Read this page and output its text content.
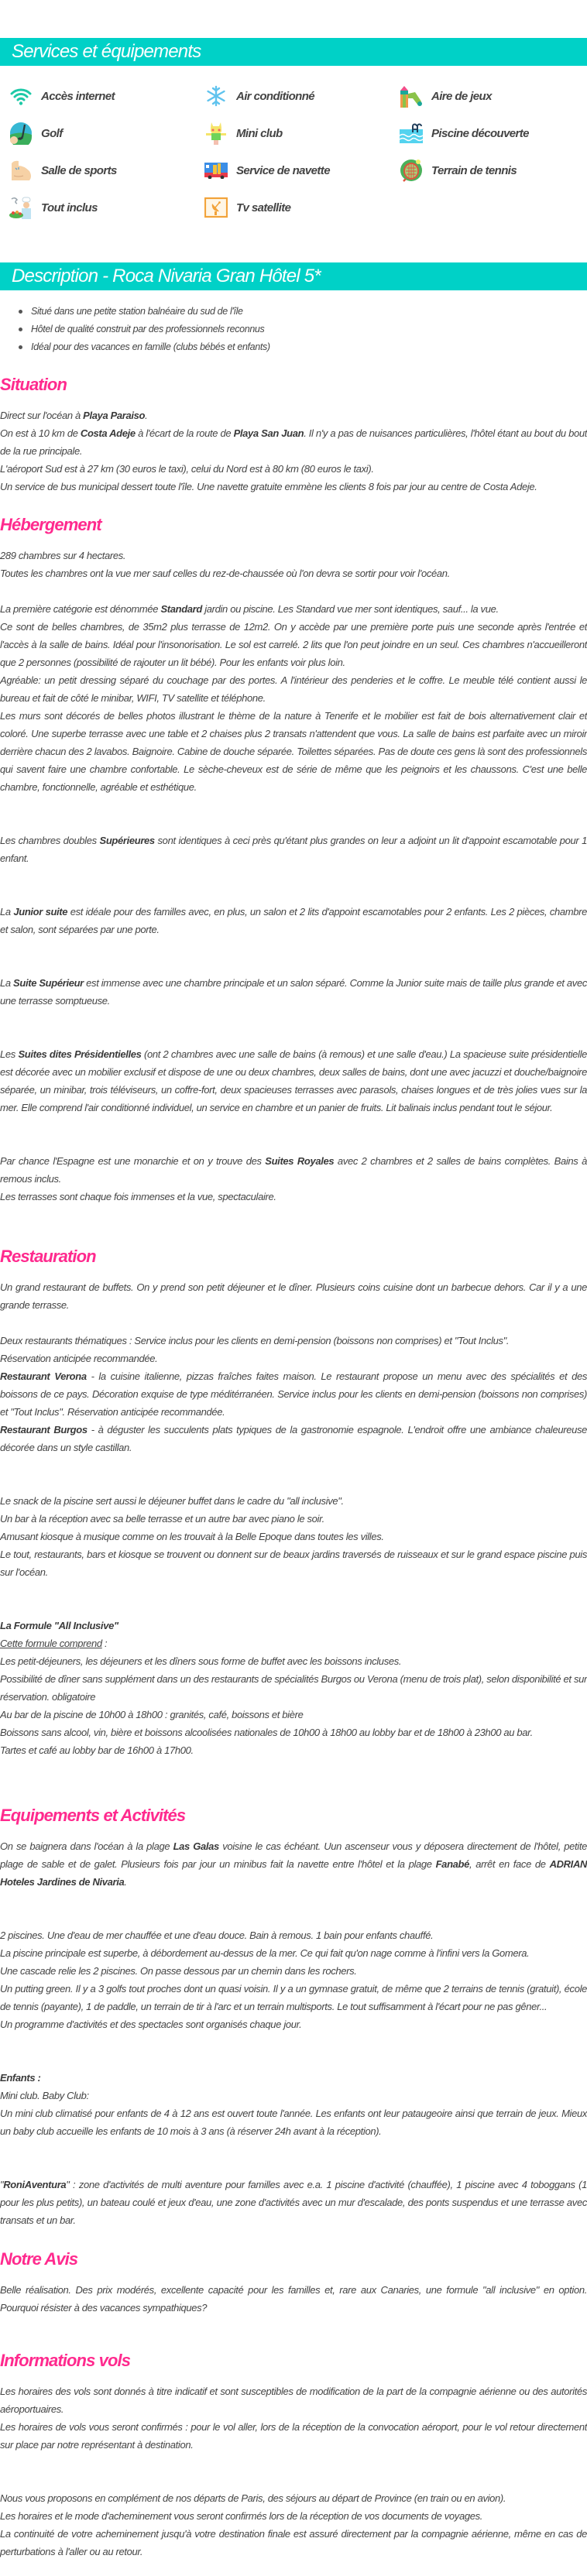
Services et équipements
Accès internet	Air conditionné	Aire de jeux
Golf	Mini club	Piscine découverte
Salle de sports	Service de navette	Terrain de tennis
Tout inclus	Tv satellite
Description - Roca Nivaria Gran Hôtel 5*
Situé dans une petite station balnéaire du sud de l'île
Hôtel de qualité construit par des professionnels reconnus
Idéal pour des vacances en famille (clubs bébés et enfants)
Situation

Direct sur l'océan à Playa Paraiso.

On est à 10 km de Costa Adeje à l'écart de la route de Playa San Juan. Il n'y a pas de nuisances particulières, l'hôtel étant au bout du bout de la rue principale.

L'aéroport Sud est à 27 km (30 euros le taxi), celui du Nord est à 80 km (80 euros le taxi).

Un service de bus municipal dessert toute l'île. Une navette gratuite emmène les clients 8 fois par jour au centre de Costa Adeje.

Hébergement

289 chambres sur 4 hectares.

Toutes les chambres ont la vue mer sauf celles du rez-de-chaussée où l'on devra se sortir pour voir l'océan.

La première catégorie est dénommée Standard jardin ou piscine. Les Standard vue mer sont identiques, sauf... la vue.

Ce sont de belles chambres, de 35m2 plus terrasse de 12m2. On y accède par une première porte puis une seconde après l'entrée et l'accès à la salle de bains. Idéal pour l'insonorisation. Le sol est carrelé. 2 lits que l'on peut joindre en un seul. Ces chambres n'accueilleront que 2 personnes (possibilité de rajouter un lit bébé). Pour les enfants voir plus loin.

Agréable: un petit dressing séparé du couchage par des portes. A l'intérieur des penderies et le coffre. Le meuble télé contient aussi le bureau et fait de côté le minibar, WIFI, TV satellite et téléphone.

Les murs sont décorés de belles photos illustrant le thème de la nature à Tenerife et le mobilier est fait de bois alternativement clair et coloré. Une superbe terrasse avec une table et 2 chaises plus 2 transats n'attendent que vous. La salle de bains est parfaite avec un miroir derrière chacun des 2 lavabos. Baignoire. Cabine de douche séparée. Toilettes séparées. Pas de doute ces gens là sont des professionnels qui savent faire une chambre confortable. Le sèche-cheveux est de série de même que les peignoirs et les chaussons. C'est une belle chambre, fonctionnelle, agréable et esthétique.

Les chambres doubles Supérieures sont identiques à ceci près qu'étant plus grandes on leur a adjoint un lit d'appoint escamotable pour 1 enfant.

La Junior suite est idéale pour des familles avec, en plus, un salon et 2 lits d'appoint escamotables pour 2 enfants. Les 2 pièces, chambre et salon, sont séparées par une porte.

La Suite Supérieur est immense avec une chambre principale et un salon séparé. Comme la Junior suite mais de taille plus grande et avec une terrasse somptueuse.

Les Suites dites Présidentielles (ont 2 chambres avec une salle de bains (à remous) et une salle d'eau.) La spacieuse suite présidentielle est décorée avec un mobilier exclusif et dispose de une ou deux chambres, deux salles de bains, dont une avec jacuzzi et douche/baignoire séparée, un minibar, trois téléviseurs, un coffre-fort, deux spacieuses terrasses avec parasols, chaises longues et de très jolies vues sur la mer. Elle comprend l'air conditionné individuel, un service en chambre et un panier de fruits. Lit balinais inclus pendant tout le séjour.

Par chance l'Espagne est une monarchie et on y trouve des Suites Royales avec 2 chambres et 2 salles de bains complètes. Bains à remous inclus.

Les terrasses sont chaque fois immenses et la vue, spectaculaire.

Restauration

Un grand restaurant de buffets. On y prend son petit déjeuner et le dîner. Plusieurs coins cuisine dont un barbecue dehors. Car il y a une grande terrasse.

Deux restaurants thématiques : Service inclus pour les clients en demi-pension (boissons non comprises) et "Tout Inclus".

Réservation anticipée recommandée.

Restaurant Verona - la cuisine italienne, pizzas fraîches faites maison. Le restaurant propose un menu avec des spécialités et des boissons de ce pays. Décoration exquise de type méditérranéen. Service inclus pour les clients en demi-pension (boissons non comprises) et "Tout Inclus". Réservation anticipée recommandée.

Restaurant Burgos - à déguster les succulents plats typiques de la gastronomie espagnole. L'endroit offre une ambiance chaleureuse décorée dans un style castillan.

Le snack de la piscine sert aussi le déjeuner buffet dans le cadre du "all inclusive".

Un bar à la réception avec sa belle terrasse et un autre bar avec piano le soir.

Amusant kiosque à musique comme on les trouvait à la Belle Epoque dans toutes les villes.

Le tout, restaurants, bars et kiosque se trouvent ou donnent sur de beaux jardins traversés de ruisseaux et sur le grand espace piscine puis sur l'océan.

La Formule "All Inclusive"

Cette formule comprend :

Les petit-déjeuners, les déjeuners et les dîners sous forme de buffet avec les boissons incluses.

Possibilité de dîner sans supplément dans un des restaurants de spécialités Burgos ou Verona (menu de trois plat), selon disponibilité et sur réservation. obligatoire

Au bar de la piscine de 10h00 à 18h00 : granités, café, boissons et bière

Boissons sans alcool, vin, bière et boissons alcoolisées nationales de 10h00 à 18h00 au lobby bar et de 18h00 à 23h00 au bar.

Tartes et café au lobby bar de 16h00 à 17h00.

Equipements et Activités

On se baignera dans l'océan à la plage Las Galas voisine le cas échéant. Uun ascenseur vous y déposera directement de l'hôtel, petite plage de sable et de galet. Plusieurs fois par jour un minibus fait la navette entre l'hôtel et la plage Fanabé, arrêt en face de ADRIAN Hoteles Jardines de Nivaria.

2 piscines. Une d'eau de mer chauffée et une d'eau douce. Bain à remous. 1 bain pour enfants chauffé.

La piscine principale est superbe, à débordement au-dessus de la mer. Ce qui fait qu'on nage comme à l'infini vers la Gomera.

Une cascade relie les 2 piscines. On passe dessous par un chemin dans les rochers.

Un putting green. Il y a 3 golfs tout proches dont un quasi voisin. Il y a un gymnase gratuit, de même que 2 terrains de tennis (gratuit), école de tennis (payante), 1 de paddle, un terrain de tir à l'arc et un terrain multisports. Le tout suffisamment à l'écart pour ne pas gêner...

Un programme d'activités et des spectacles sont organisés chaque jour.

Enfants :

Mini club. Baby Club:

Un mini club climatisé pour enfants de 4 à 12 ans est ouvert toute l'année. Les enfants ont leur pataugeoire ainsi que terrain de jeux. Mieux un baby club accueille les enfants de 10 mois à 3 ans (à réserver 24h avant à la réception).

"RoniAventura" : zone d'activités de multi aventure pour familles avec e.a. 1 piscine d'activité (chauffée), 1 piscine avec 4 toboggans (1 pour les plus petits), un bateau coulé et jeux d'eau, une zone d'activités avec un mur d'escalade, des ponts suspendus et une terrasse avec transats et un bar.

Notre Avis

Belle réalisation. Des prix modérés, excellente capacité pour les familles et, rare aux Canaries, une formule "all inclusive" en option. Pourquoi résister à des vacances sympathiques?

Informations vols

Les horaires des vols sont donnés à titre indicatif et sont susceptibles de modification de la part de la compagnie aérienne ou des autorités aéroportuaires.

Les horaires de vols vous seront confirmés : pour le vol aller, lors de la réception de la convocation aéroport, pour le vol retour directement sur place par notre représentant à destination.

Nous vous proposons en complément de nos départs de Paris, des séjours au départ de Province (en train ou en avion).

Les horaires et le mode d'acheminement vous seront confirmés lors de la réception de vos documents de voyages.

La continuité de votre acheminement jusqu'à votre destination finale est assuré directement par la compagnie aérienne, même en cas de perturbations à l'aller ou au retour.
